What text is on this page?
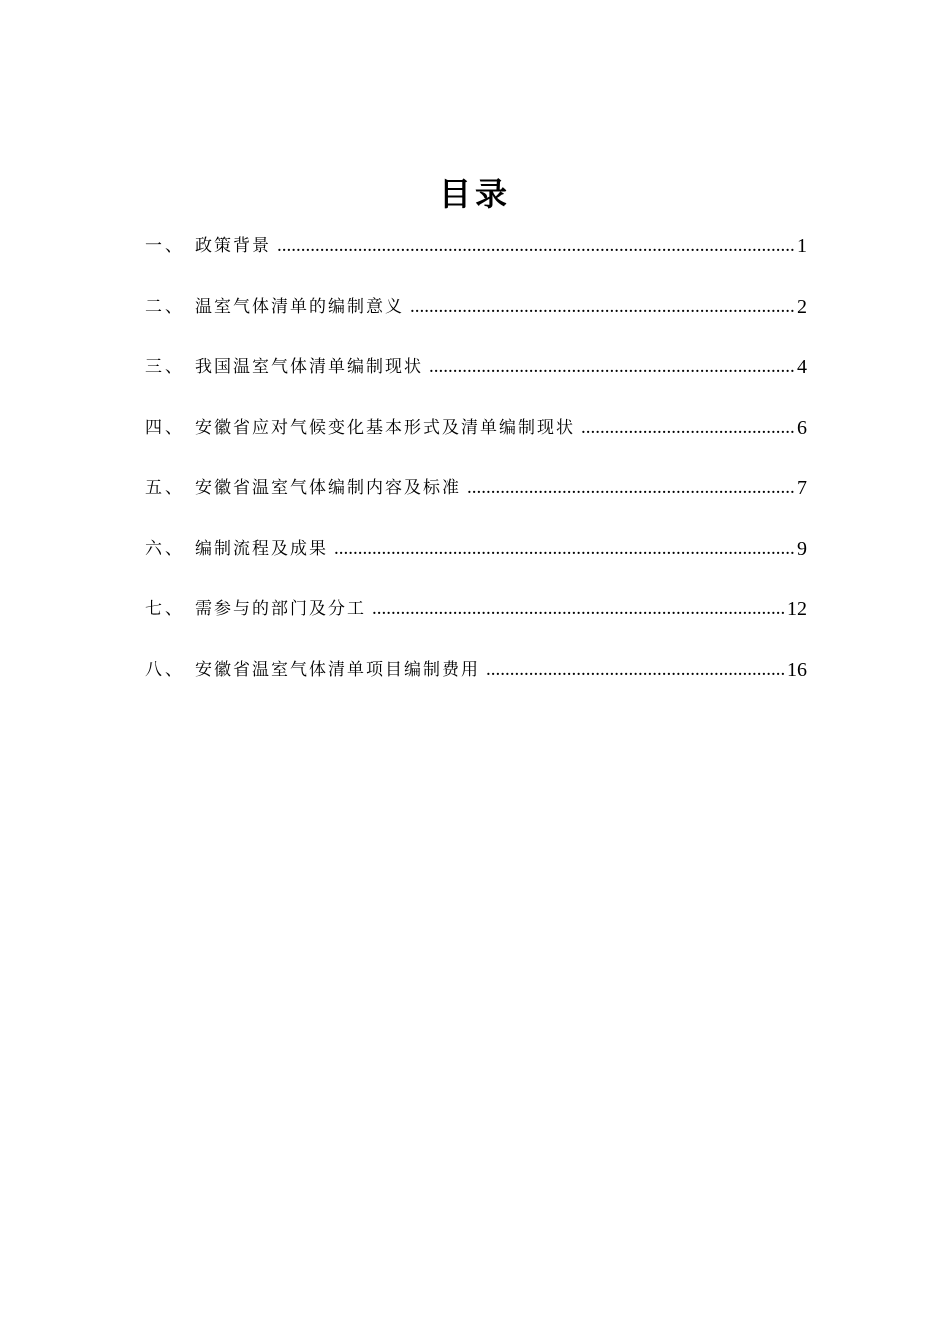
目录
一、 政策背景 .....	1
二、 温室气体清单的编制意义 .....	2
三、 我国温室气体清单编制现状 .....	4
四、 安徽省应对气候变化基本形式及清单编制现状 .....	6
五、 安徽省温室气体编制内容及标准 .....	7
六、 编制流程及成果 .....	9
七、 需参与的部门及分工 .....	12
八、 安徽省温室气体清单项目编制费用 .....	16
